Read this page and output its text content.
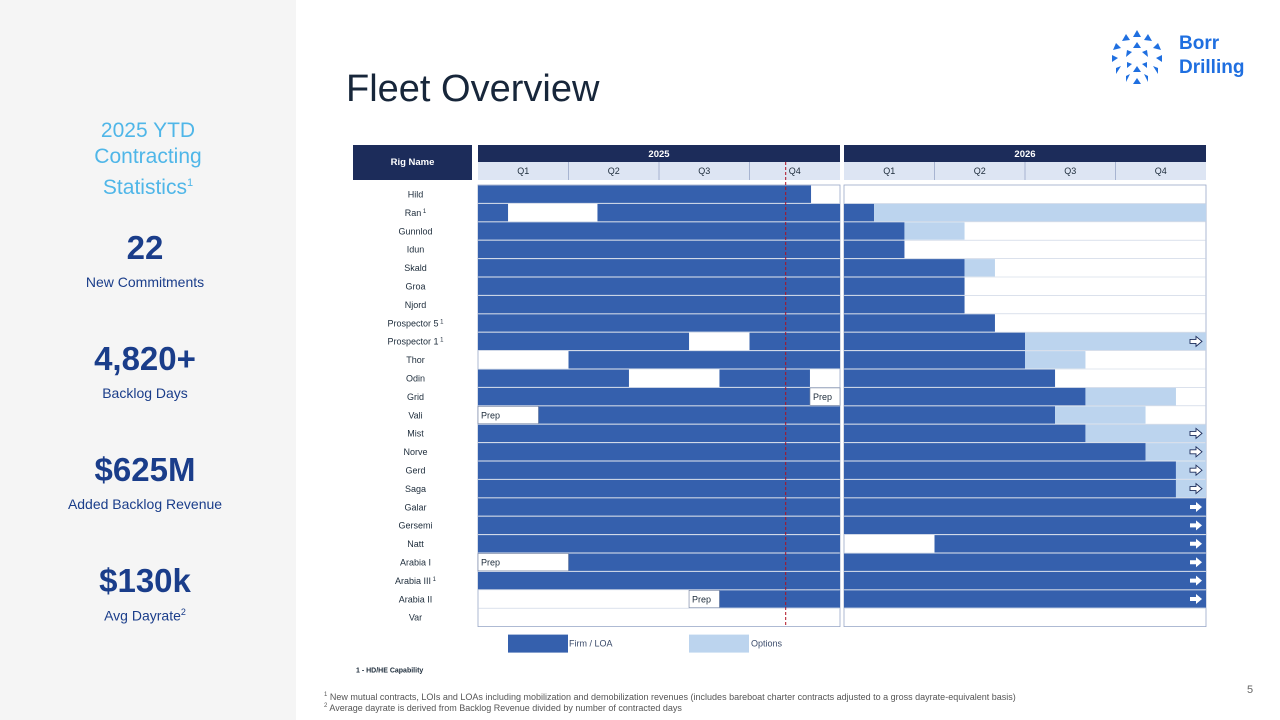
2025 YTD
Contracting
Statistics$^1$
22
New Commitments
4,820+
Backlog Days
$625M
Added Backlog Revenue
$130k
Avg Dayrate$^2$
Fleet Overview
Borr
Drilling
Rig Name
2025
Q1	Q2	Q3	Q4
2026
Q1	Q2	Q3	Q4
Hild
Ran $^1$
Gunnlod
Idun
Skald
Groa
Njord
Prospector 5 $^1$
Prospector 1 $^1$
Thor
Odin
Grid	Prep
Vali	Prep
Mist
Norve
Gerd
Saga
Galar
Gersemi
Natt
Arabia I	Prep
Arabia III $^1$
Arabia II	Prep
Var
Firm / LOA	Options
1 - HD/HE Capability
$^1$ New mutual contracts, LOIs and LOAs including mobilization and demobilization revenues (includes bareboat charter contracts adjusted to a gross dayrate-equivalent basis)
$^2$ Average dayrate is derived from Backlog Revenue divided by number of contracted days
5
